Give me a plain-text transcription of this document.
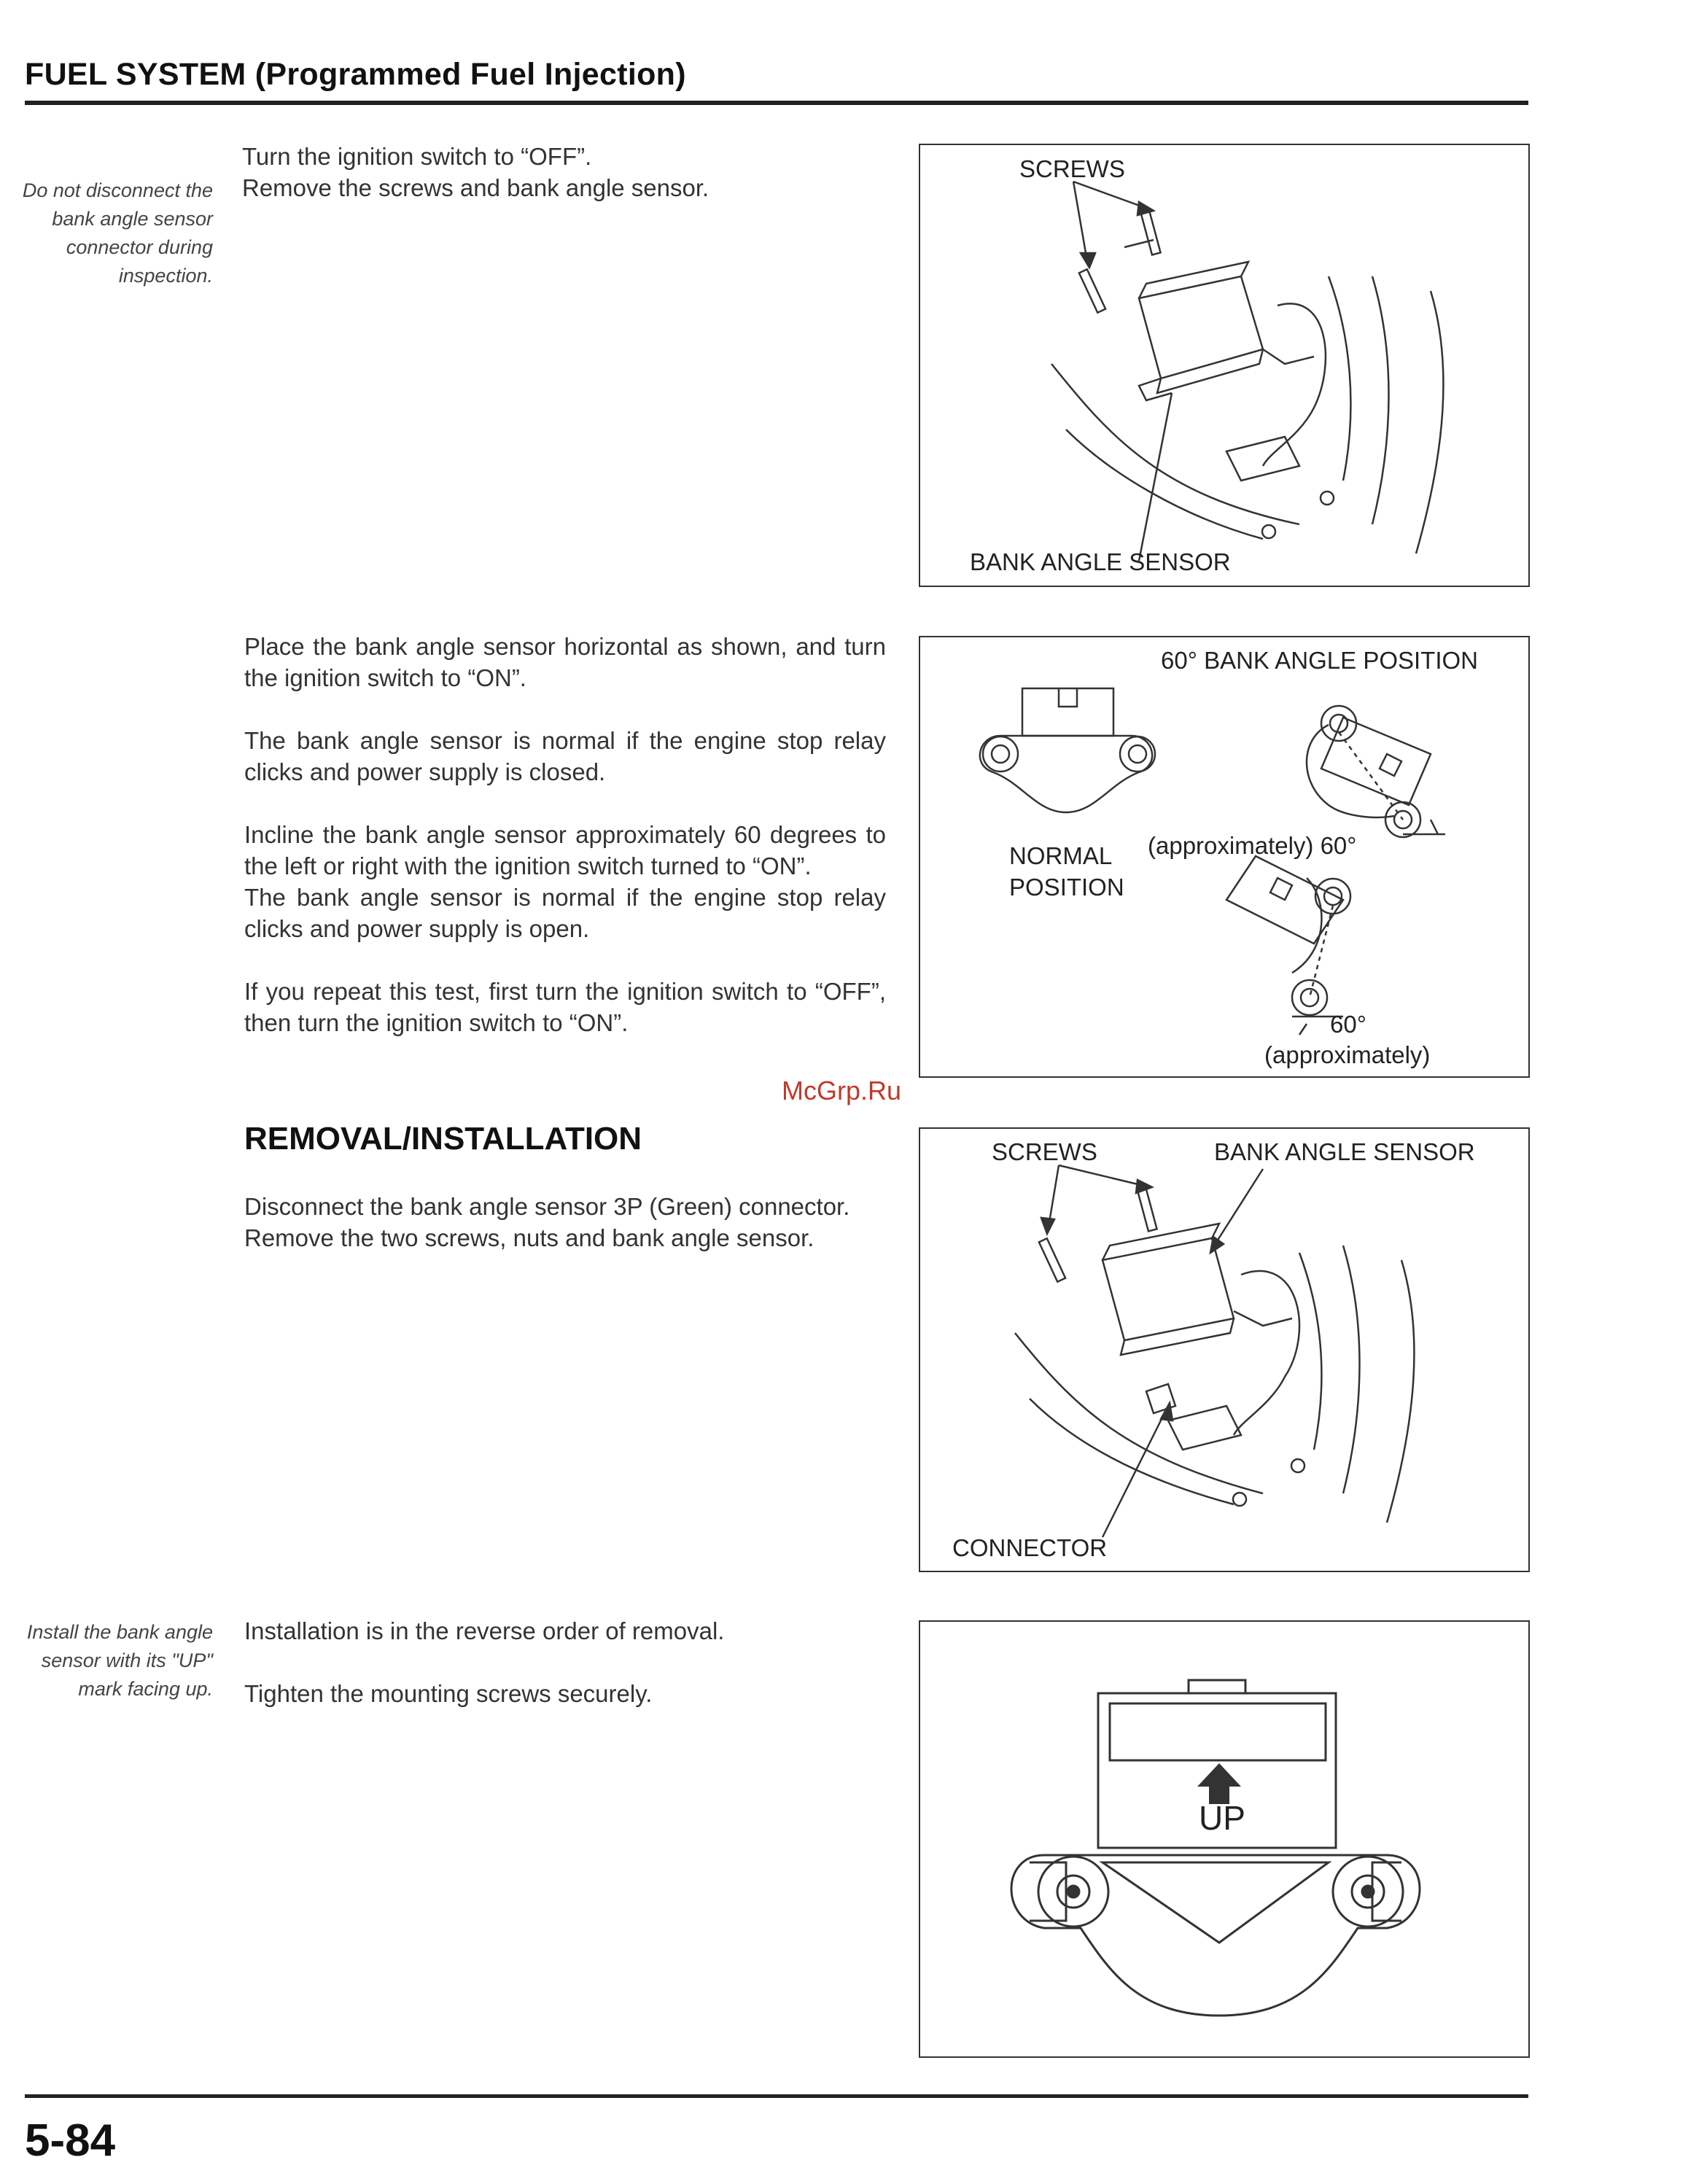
FUEL SYSTEM (Programmed Fuel Injection)
Do not disconnect the bank angle sensor connector during inspection.
Install the bank angle sensor with its "UP" mark facing up.

Turn the ignition switch to “OFF”.

Remove the screws and bank angle sensor.

Place the bank angle sensor horizontal as shown, and turn the ignition switch to “ON”.

The bank angle sensor is normal if the engine stop relay clicks and power supply is closed.

Incline the bank angle sensor approximately 60 degrees to the left or right with the ignition switch turned to “ON”.

The bank angle sensor is normal if the engine stop relay clicks and power supply is open.

If you repeat this test, first turn the ignition switch to “OFF”, then turn the ignition switch to “ON”.

McGrp.Ru
REMOVAL/INSTALLATION

Disconnect the bank angle sensor 3P (Green) connector.

Remove the two screws, nuts and bank angle sensor.

Installation is in the reverse order of removal.

Tighten the mounting screws securely.

SCREWS
BANK ANGLE SENSOR
60° BANK ANGLE POSITION
NORMAL
POSITION
(approximately) 60°
60°
(approximately)
SCREWS	BANK ANGLE SENSOR
CONNECTOR
UP
5-84
